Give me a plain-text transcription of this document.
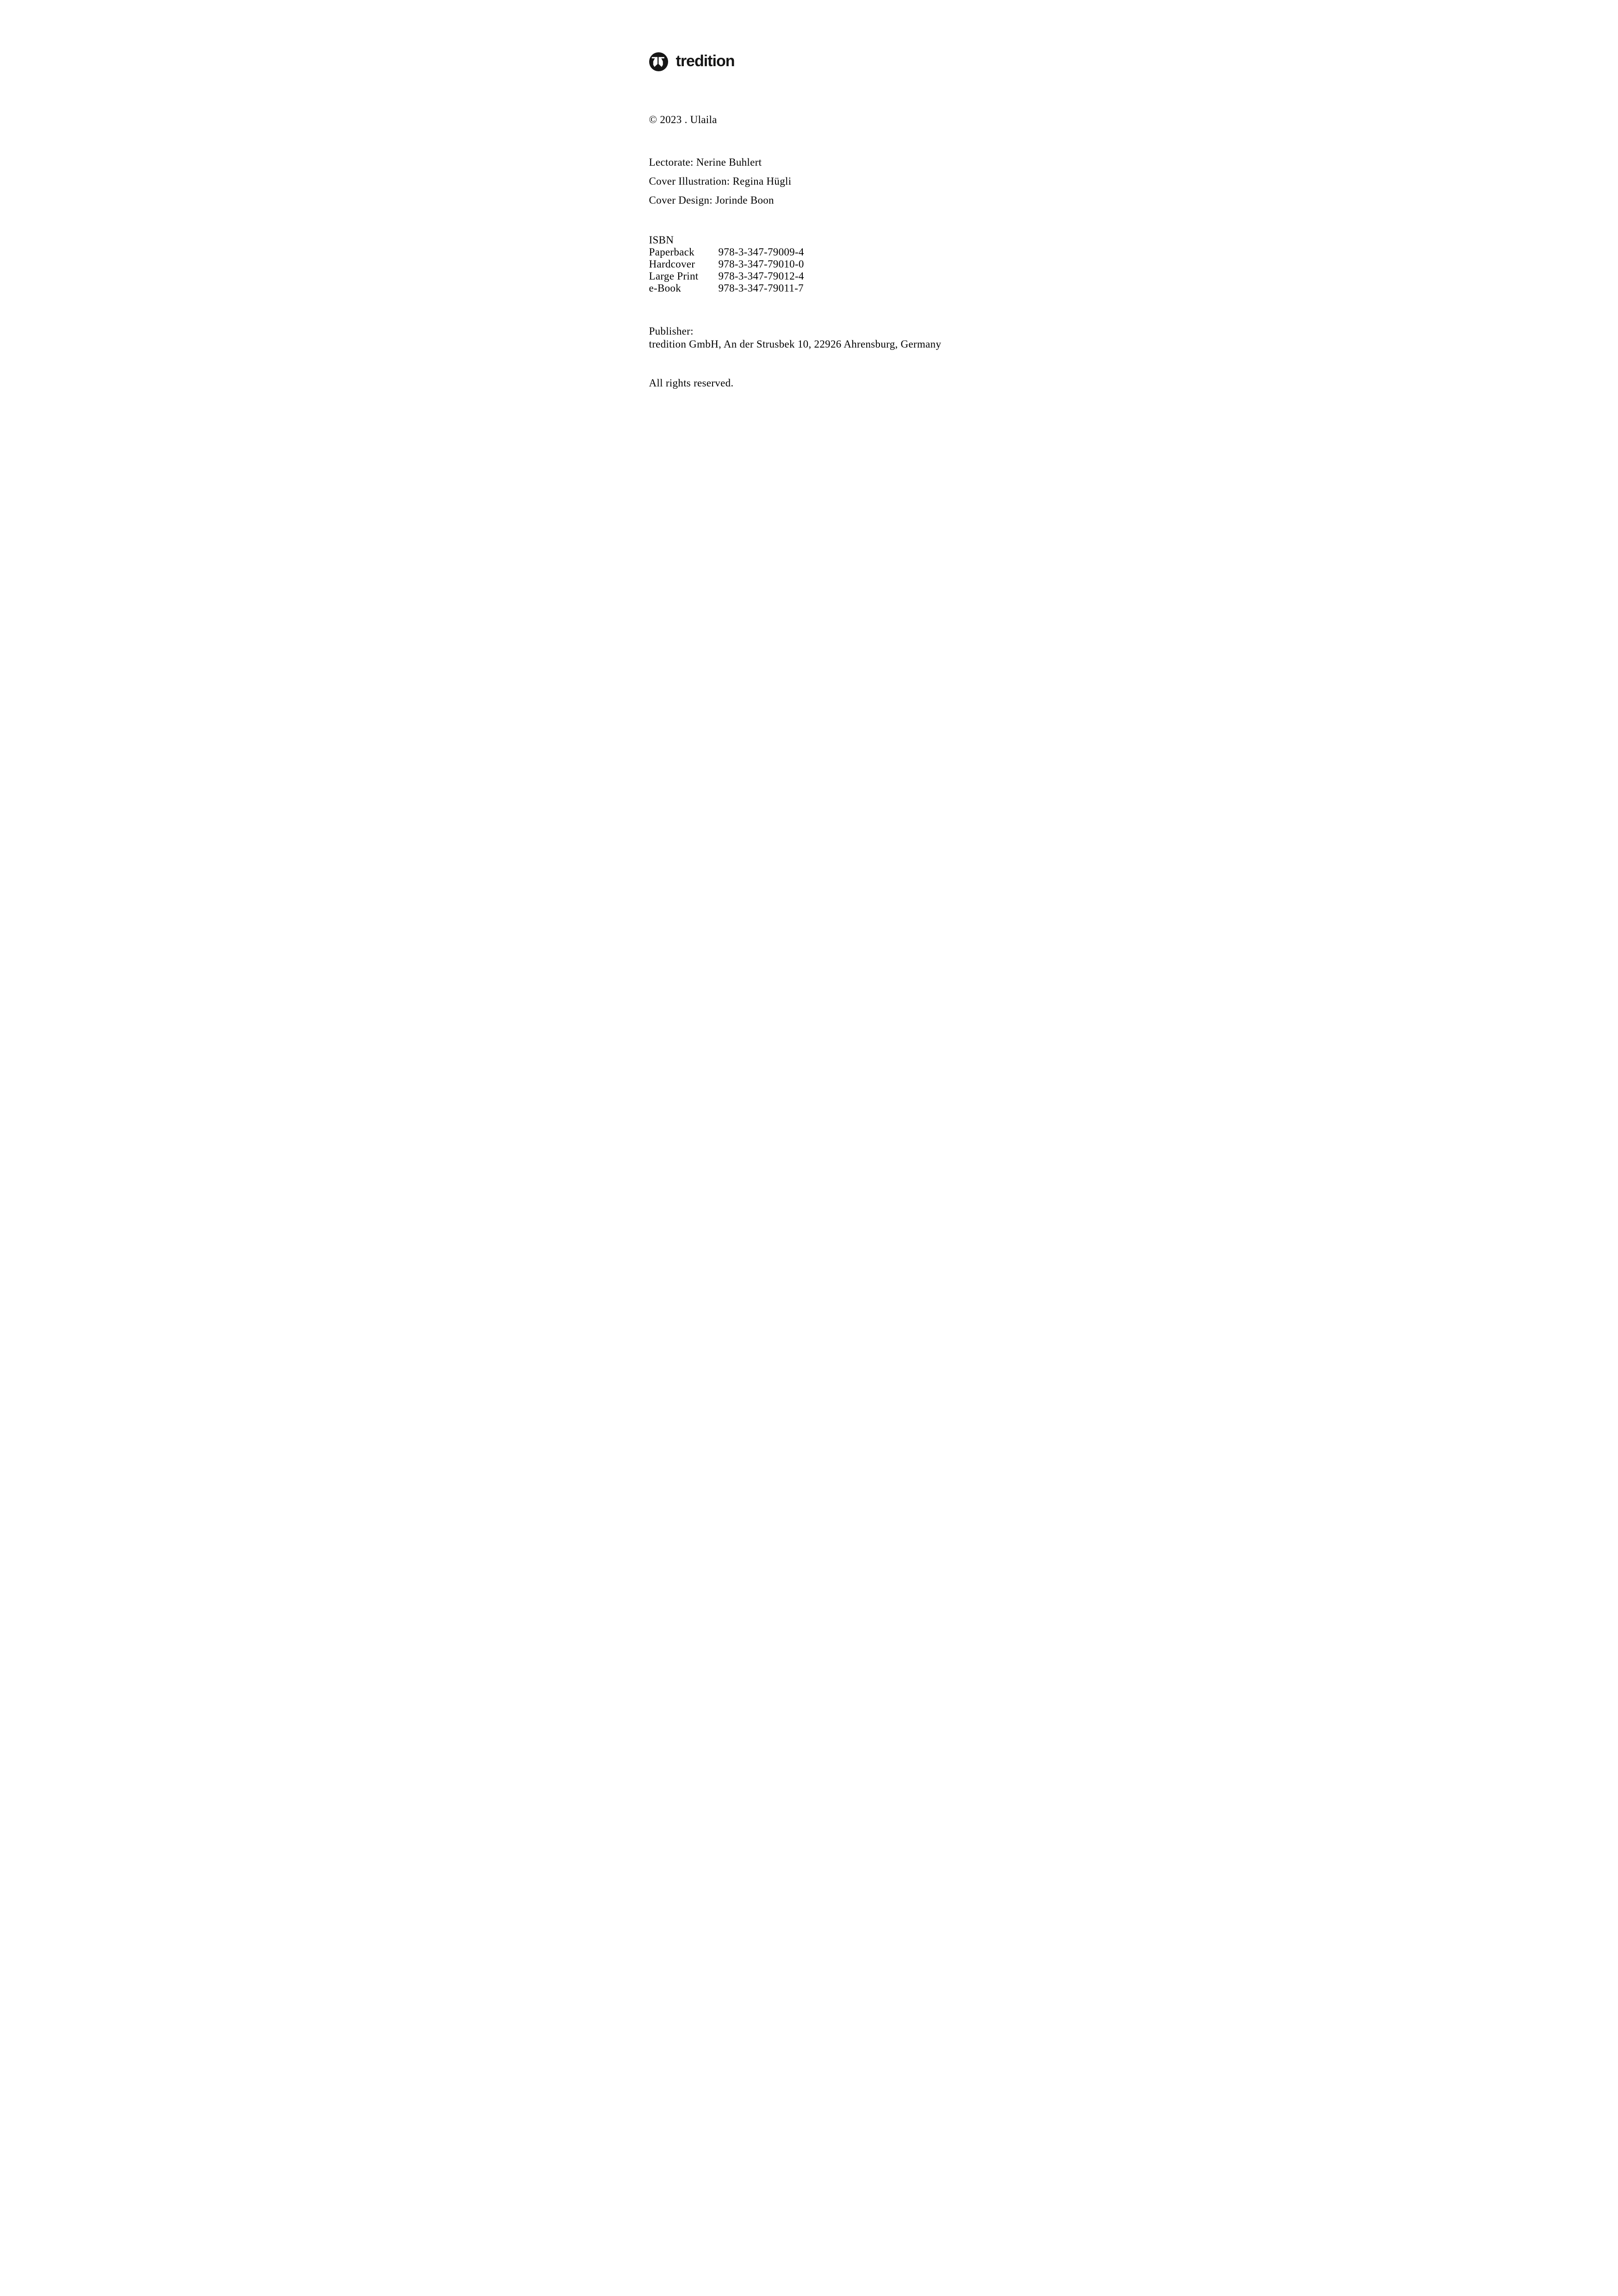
tredition

© 2023 . Ulaila

Lectorate: Nerine Buhlert

Cover Illustration: Regina Hügli

Cover Design: Jorinde Boon

ISBN

Paperback	978-3-347-79009-4
Hardcover	978-3-347-79010-0
Large Print	978-3-347-79012-4
e-Book	978-3-347-79011-7

Publisher:

tredition GmbH, An der Strusbek 10, 22926 Ahrensburg, Germany

All rights reserved.
